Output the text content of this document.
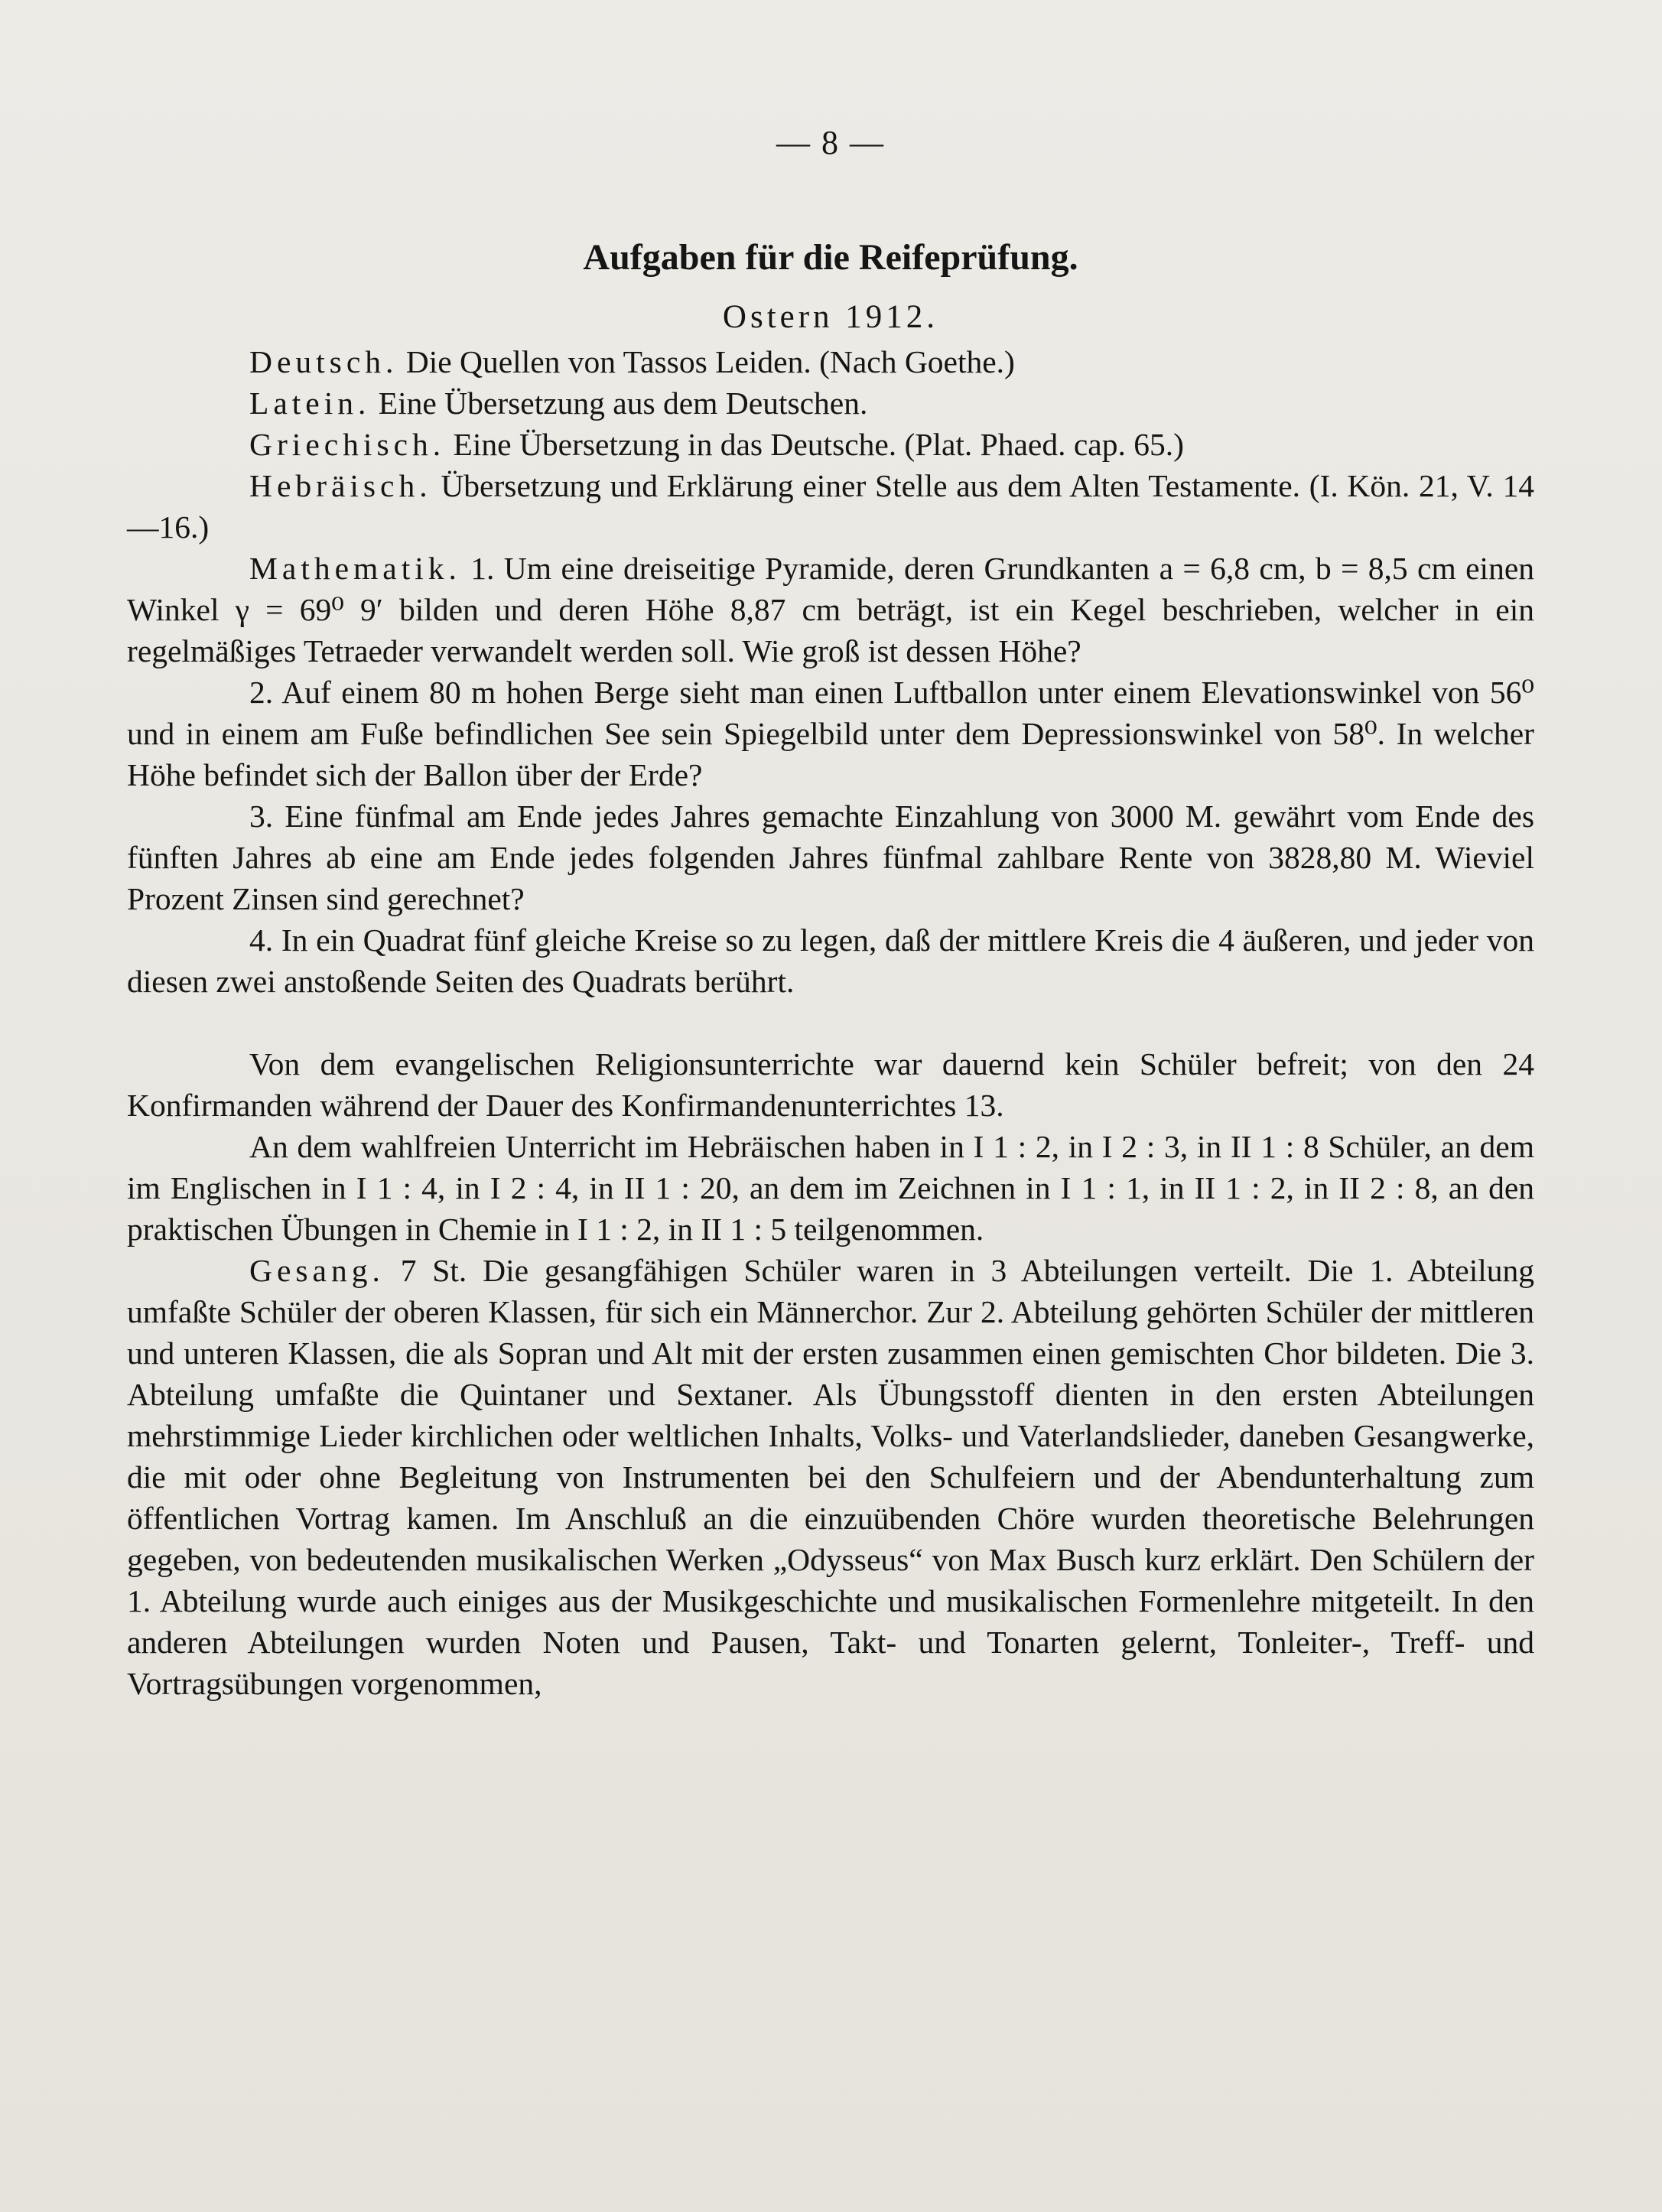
— 8 —
Aufgaben für die Reifeprüfung.
Ostern 1912.

Deutsch. Die Quellen von Tassos Leiden. (Nach Goethe.)

Latein. Eine Übersetzung aus dem Deutschen.

Griechisch. Eine Übersetzung in das Deutsche. (Plat. Phaed. cap. 65.)

Hebräisch. Übersetzung und Erklärung einer Stelle aus dem Alten Testamente. (I. Kön. 21, V. 14—16.)

Mathematik. 1. Um eine dreiseitige Pyramide, deren Grundkanten a = 6,8 cm, b = 8,5 cm einen Winkel γ = 69⁰ 9′ bilden und deren Höhe 8,87 cm beträgt, ist ein Kegel beschrieben, welcher in ein regelmäßiges Tetraeder verwandelt werden soll. Wie groß ist dessen Höhe?

2. Auf einem 80 m hohen Berge sieht man einen Luftballon unter einem Elevationswinkel von 56⁰ und in einem am Fuße befindlichen See sein Spiegelbild unter dem Depressionswinkel von 58⁰. In welcher Höhe befindet sich der Ballon über der Erde?

3. Eine fünfmal am Ende jedes Jahres gemachte Einzahlung von 3000 M. gewährt vom Ende des fünften Jahres ab eine am Ende jedes folgenden Jahres fünfmal zahlbare Rente von 3828,80 M. Wieviel Prozent Zinsen sind gerechnet?

4. In ein Quadrat fünf gleiche Kreise so zu legen, daß der mittlere Kreis die 4 äußeren, und jeder von diesen zwei anstoßende Seiten des Quadrats berührt.

Von dem evangelischen Religionsunterrichte war dauernd kein Schüler befreit; von den 24 Konfirmanden während der Dauer des Konfirmandenunterrichtes 13.

An dem wahlfreien Unterricht im Hebräischen haben in I 1 : 2, in I 2 : 3, in II 1 : 8 Schüler, an dem im Englischen in I 1 : 4, in I 2 : 4, in II 1 : 20, an dem im Zeichnen in I 1 : 1, in II 1 : 2, in II 2 : 8, an den praktischen Übungen in Chemie in I 1 : 2, in II 1 : 5 teilgenommen.

Gesang. 7 St. Die gesangfähigen Schüler waren in 3 Abteilungen verteilt. Die 1. Abteilung umfaßte Schüler der oberen Klassen, für sich ein Männerchor. Zur 2. Abteilung gehörten Schüler der mittleren und unteren Klassen, die als Sopran und Alt mit der ersten zusammen einen gemischten Chor bildeten. Die 3. Abteilung umfaßte die Quintaner und Sextaner. Als Übungsstoff dienten in den ersten Abteilungen mehrstimmige Lieder kirchlichen oder weltlichen Inhalts, Volks- und Vaterlandslieder, daneben Gesangwerke, die mit oder ohne Begleitung von Instrumenten bei den Schulfeiern und der Abendunterhaltung zum öffentlichen Vortrag kamen. Im Anschluß an die einzuübenden Chöre wurden theoretische Belehrungen gegeben, von bedeutenden musikalischen Werken „Odysseus“ von Max Busch kurz erklärt. Den Schülern der 1. Abteilung wurde auch einiges aus der Musikgeschichte und musikalischen Formenlehre mitgeteilt. In den anderen Abteilungen wurden Noten und Pausen, Takt- und Tonarten gelernt, Tonleiter-, Treff- und Vortragsübungen vorgenommen,
